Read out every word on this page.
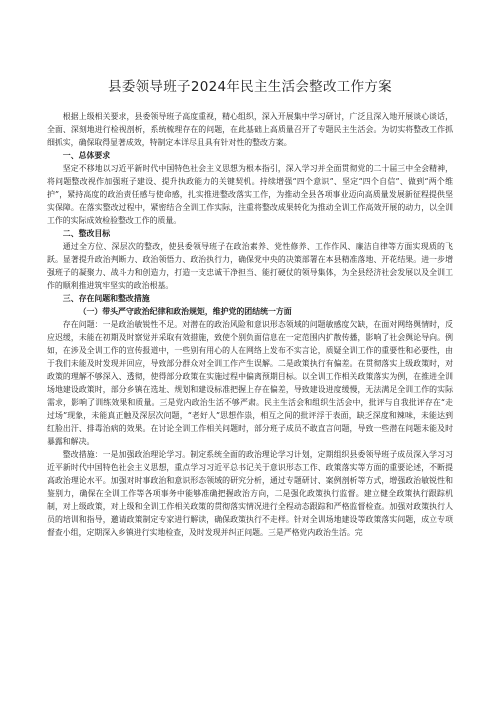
县委领导班子2024年民主生活会整改工作方案

根据上级相关要求，县委领导班子高度重视，精心组织，深入开展集中学习研讨，广泛且深入地开展谈心谈话，全面、深刻地进行检视剖析，系统梳理存在的问题，在此基础上高质量召开了专题民主生活会。为切实将整改工作抓细抓实，确保取得显著成效，特制定本详尽且具有针对性的整改方案。

一、总体要求

坚定不移地以习近平新时代中国特色社会主义思想为根本指引，深入学习并全面贯彻党的二十届三中全会精神，将问题整改视作加强班子建设、提升执政能力的关键契机。持续增强“四个意识”、坚定“四个自信”、做到“两个维护”，紧持高度的政治责任感与使命感，扎实推进整改落实工作，为推动全县各项事业迈向高质量发展新征程提供坚实保障。在落实整改过程中，紧密结合全训工作实际，注重将整改成果转化为推动全训工作高效开展的动力，以全训工作的实际成效检验整改工作的质量。

二、整改目标

通过全方位、深层次的整改，使县委领导班子在政治素养、党性修养、工作作风、廉洁自律等方面实现质的飞跃。显著提升政治判断力、政治领悟力、政治执行力，确保党中央的决策部署在本县精准落地、开花结果。进一步增强班子的凝聚力、战斗力和创造力，打造一支忠诚干净担当、能打硬仗的领导集体，为全县经济社会发展以及全训工作的顺利推进筑牢坚实的政治根基。

三、存在问题和整改措施

（一）带头严守政治纪律和政治规矩，维护党的团结统一方面

存在问题：一是政治敏锐性不足。对潜在的政治风险和意识形态领域的问题敏感度欠缺，在面对网络舆情时，反应迟缓，未能在初期及时察觉并采取有效措施，致使个别负面信息在一定范围内扩散传播，影响了社会舆论导向。例如，在涉及全训工作的宣传报道中，一些别有用心的人在网络上发布不实言论，质疑全训工作的重要性和必要性，由于我们未能及时发现并回应，导致部分群众对全训工作产生误解。二是政策执行有偏差。在贯彻落实上级政策时，对政策的理解不够深入、透彻，使得部分政策在实施过程中偏离预期目标。以全训工作相关政策落实为例，在推进全训场地建设政策时，部分乡镇在选址、规划和建设标准把握上存在偏差，导致建设进度缓慢，无法满足全训工作的实际需求，影响了训练效果和质量。三是党内政治生活不够严肃。民主生活会和组织生活会中，批评与自我批评存在“走过场”现象，未能真正触及深层次问题，“老好人”思想作祟，相互之间的批评浮于表面，缺乏深度和辣味，未能达到红脸出汗、排毒治病的效果。在讨论全训工作相关问题时，部分班子成员不敢直言问题，导致一些潜在问题未能及时暴露和解决。

整改措施：一是加强政治理论学习。制定系统全面的政治理论学习计划，定期组织县委领导班子成员深入学习习近平新时代中国特色社会主义思想，重点学习习近平总书记关于意识形态工作、政策落实等方面的重要论述，不断提高政治理论水平。加强对时事政治和意识形态领域的研究分析，通过专题研讨、案例剖析等方式，增强政治敏锐性和鉴别力，确保在全训工作等各项事务中能够准确把握政治方向，二是强化政策执行监督。建立健全政策执行跟踪机制，对上级政策，对上级和全训工作相关政策的贯彻落实情况进行全程动态跟踪和严格监督检查。加强对政策执行人员的培训和指导，邀请政策制定专家进行解读，确保政策执行不走样。针对全训场地建设等政策落实问题，成立专项督查小组，定期深入乡镇进行实地检查，及时发现并纠正问题。三是严格党内政治生活。完
